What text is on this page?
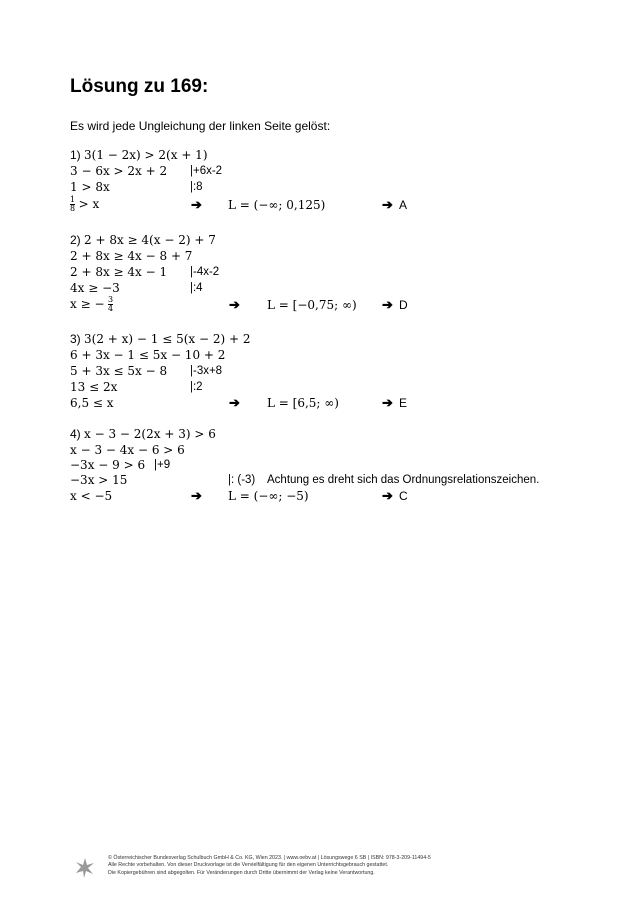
Lösung zu 169:
Es wird jede Ungleichung der linken Seite gelöst:
1) 3(1 − 2x) > 2(x + 1)
3 − 6x > 2x + 2 |+6x-2
1 > 8x	|:8
$\frac{1}{8} > x$	➔ L = (−∞; 0,125)	➔ A
2) 2 + 8x ≥ 4(x − 2) + 7
2 + 8x ≥ 4x − 8 + 7
2 + 8x ≥ 4x − 1 |-4x-2
4x ≥ −3	|:4
x ≥ − $\frac{3}{4}$	➔ L = [−0,75; ∞) ➔ D
3) 3(2 + x) − 1 ≤ 5(x − 2) + 2
6 + 3x − 1 ≤ 5x − 10 + 2
5 + 3x ≤ 5x − 8 |-3x+8
13 ≤ 2x	|:2
6,5 ≤ x	➔ L = [6,5; ∞)	➔ E
4) x − 3 − 2(2x + 3) > 6
x − 3 − 4x − 6 > 6
−3x − 9 > 6 |+9
−3x > 15	|: (-3) Achtung es dreht sich das Ordnungsrelationszeichen.
x < −5	➔ L = (−∞; −5)	➔ C
© Österreichischer Bundesverlag Schulbuch GmbH & Co. KG, Wien 2023. | www.oebv.at | Lösungswege 6 SB | ISBN: 978-3-209-11494-5
Alle Rechte vorbehalten. Von dieser Druckvorlage ist die Vervielfältigung für den eigenen Unterrichtsgebrauch gestattet.
Die Kopiergebühren sind abgegolten. Für Veränderungen durch Dritte übernimmt der Verlag keine Verantwortung.
